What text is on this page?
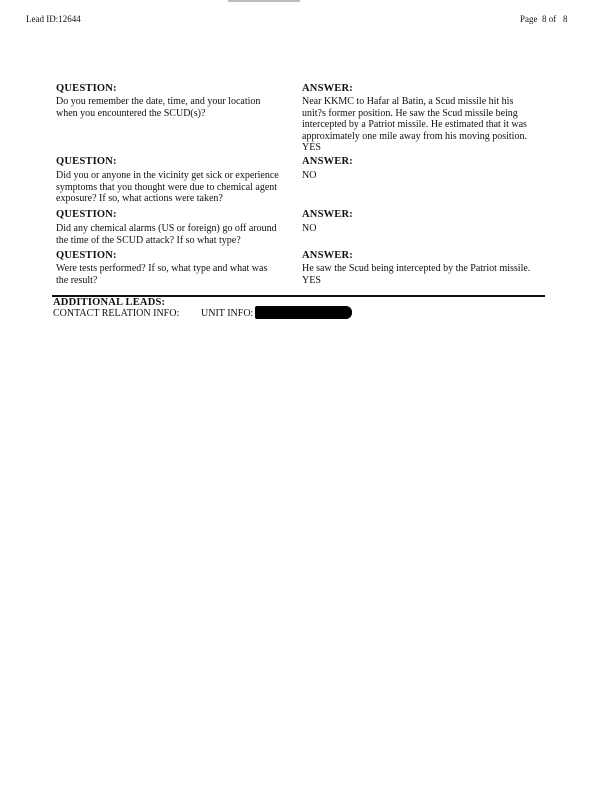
Lead ID:12644	Page 8 of 8
QUESTION:
Do you remember the date, time, and your location
when you encountered the SCUD(s)?
ANSWER:
Near KKMC to Hafar al Batin, a Scud missile hit his
unit?s former position. He saw the Scud missile being
intercepted by a Patriot missile. He estimated that it was
approximately one mile away from his moving position.
YES
QUESTION:
Did you or anyone in the vicinity get sick or experience
symptoms that you thought were due to chemical agent
exposure? If so, what actions were taken?
ANSWER:
NO
QUESTION:
Did any chemical alarms (US or foreign) go off around
the time of the SCUD attack? If so what type?
ANSWER:
NO
QUESTION:
Were tests performed? If so, what type and what was
the result?
ANSWER:
He saw the Scud being intercepted by the Patriot missile.
YES
ADDITIONAL LEADS:
CONTACT RELATION INFO: UNIT INFO:
